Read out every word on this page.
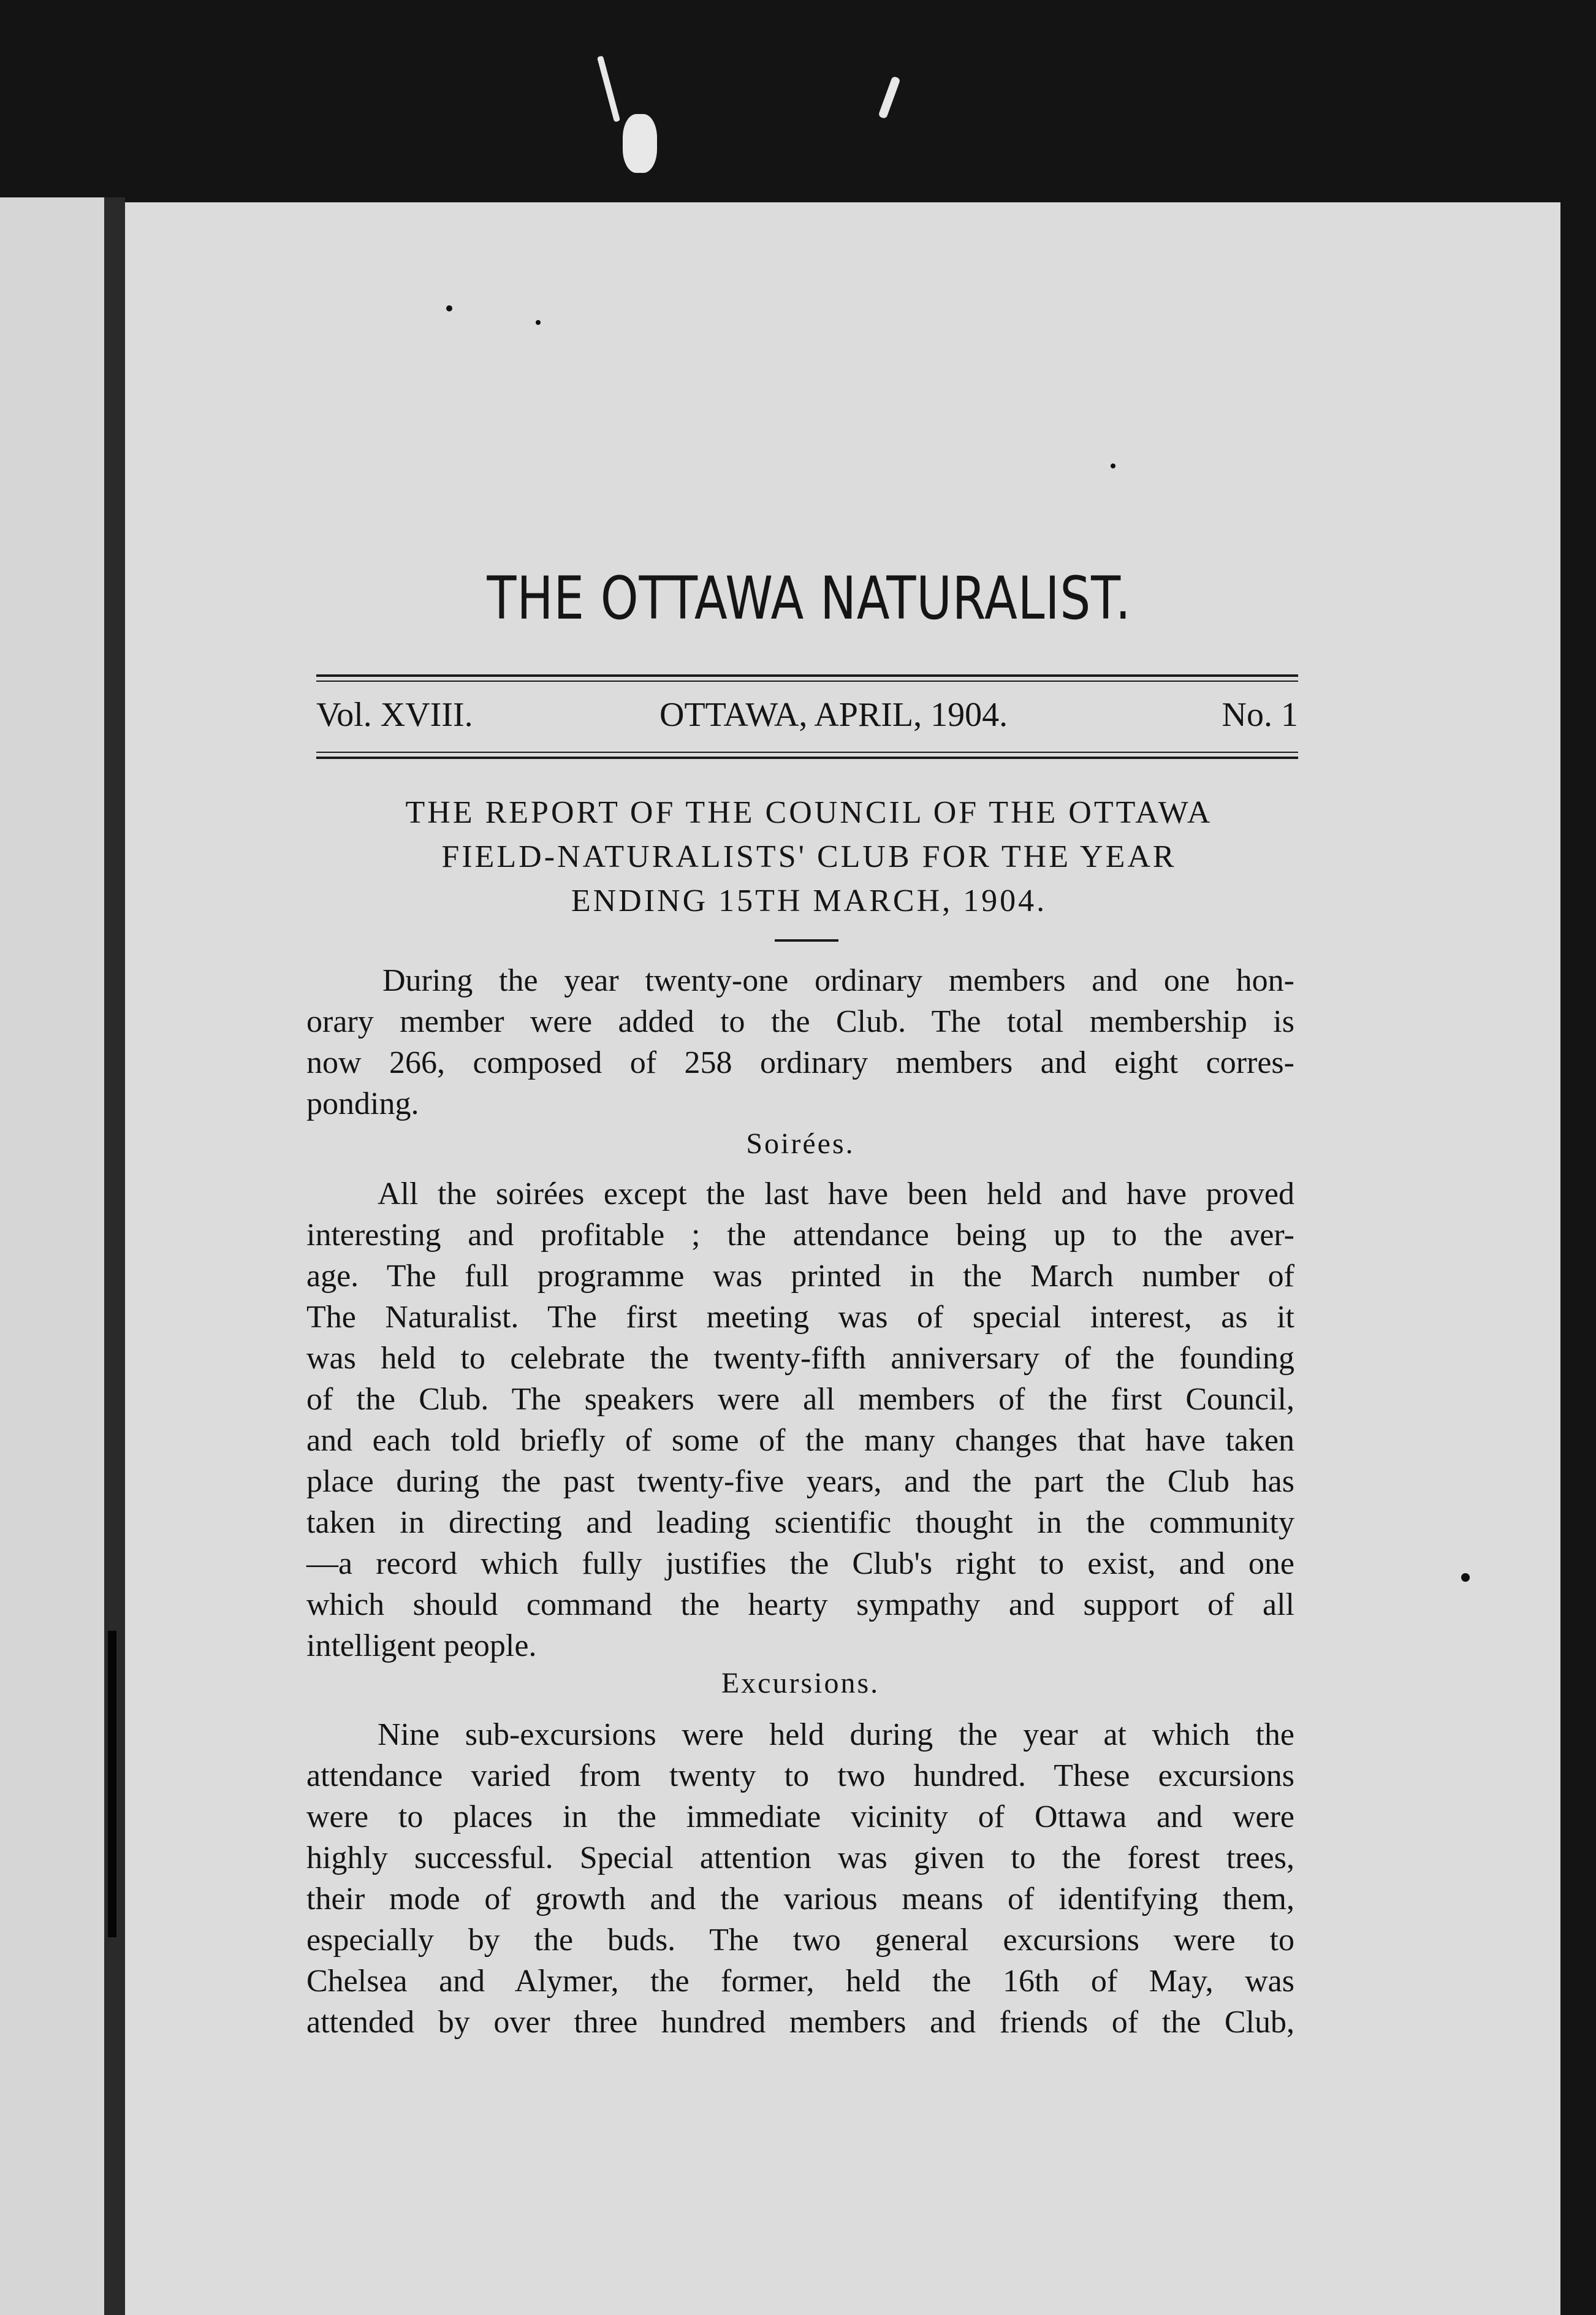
THE OTTAWA NATURALIST.
Vol. XVIII.	OTTAWA, APRIL, 1904.	No. 1
THE REPORT OF THE COUNCIL OF THE OTTAWA
FIELD-NATURALISTS' CLUB FOR THE YEAR
ENDING 15TH MARCH, 1904.
During the year twenty-one ordinary members and one hon-
orary member were added to the Club. The total membership is
now 266, composed of 258 ordinary members and eight corres-
ponding.
Soirées.
All the soirées except the last have been held and have proved
interesting and profitable ; the attendance being up to the aver-
age. The full programme was printed in the March number of
The Naturalist. The first meeting was of special interest, as it
was held to celebrate the twenty-fifth anniversary of the founding
of the Club. The speakers were all members of the first Council,
and each told briefly of some of the many changes that have taken
place during the past twenty-five years, and the part the Club has
taken in directing and leading scientific thought in the community
—a record which fully justifies the Club's right to exist, and one
which should command the hearty sympathy and support of all
intelligent people.
Excursions.
Nine sub-excursions were held during the year at which the
attendance varied from twenty to two hundred. These excursions
were to places in the immediate vicinity of Ottawa and were
highly successful. Special attention was given to the forest trees,
their mode of growth and the various means of identifying them,
especially by the buds. The two general excursions were to
Chelsea and Alymer, the former, held the 16th of May, was
attended by over three hundred members and friends of the Club,
